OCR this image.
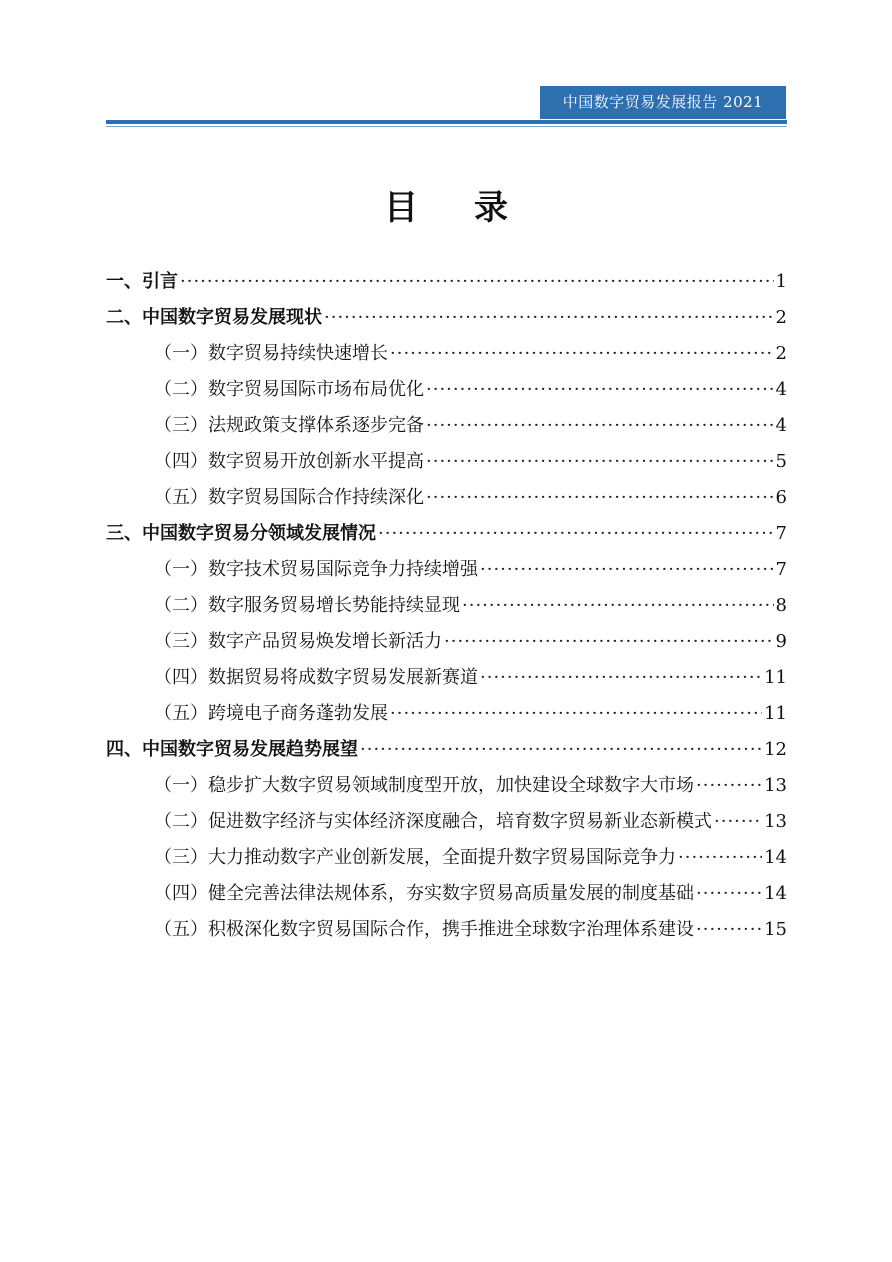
中国数字贸易发展报告 2021
目录
一、引言 ·····	1
二、中国数字贸易发展现状 ·····	2
（一）数字贸易持续快速增长 ·····	2
（二）数字贸易国际市场布局优化 ·····	4
（三）法规政策支撑体系逐步完备 ·····	4
（四）数字贸易开放创新水平提高 ·····	5
（五）数字贸易国际合作持续深化 ·····	6
三、中国数字贸易分领域发展情况 ·····	7
（一）数字技术贸易国际竞争力持续增强 ·····	7
（二）数字服务贸易增长势能持续显现 ·····	8
（三）数字产品贸易焕发增长新活力 ·····	9
（四）数据贸易将成数字贸易发展新赛道 ·····	11
（五）跨境电子商务蓬勃发展 ·····	11
四、中国数字贸易发展趋势展望 ·····	12
（一）稳步扩大数字贸易领域制度型开放，加快建设全球数字大市场 ·····	13
（二）促进数字经济与实体经济深度融合，培育数字贸易新业态新模式 ·····	13
（三）大力推动数字产业创新发展，全面提升数字贸易国际竞争力 ·····	14
（四）健全完善法律法规体系，夯实数字贸易高质量发展的制度基础 ·····	14
（五）积极深化数字贸易国际合作，携手推进全球数字治理体系建设 ·····	15
